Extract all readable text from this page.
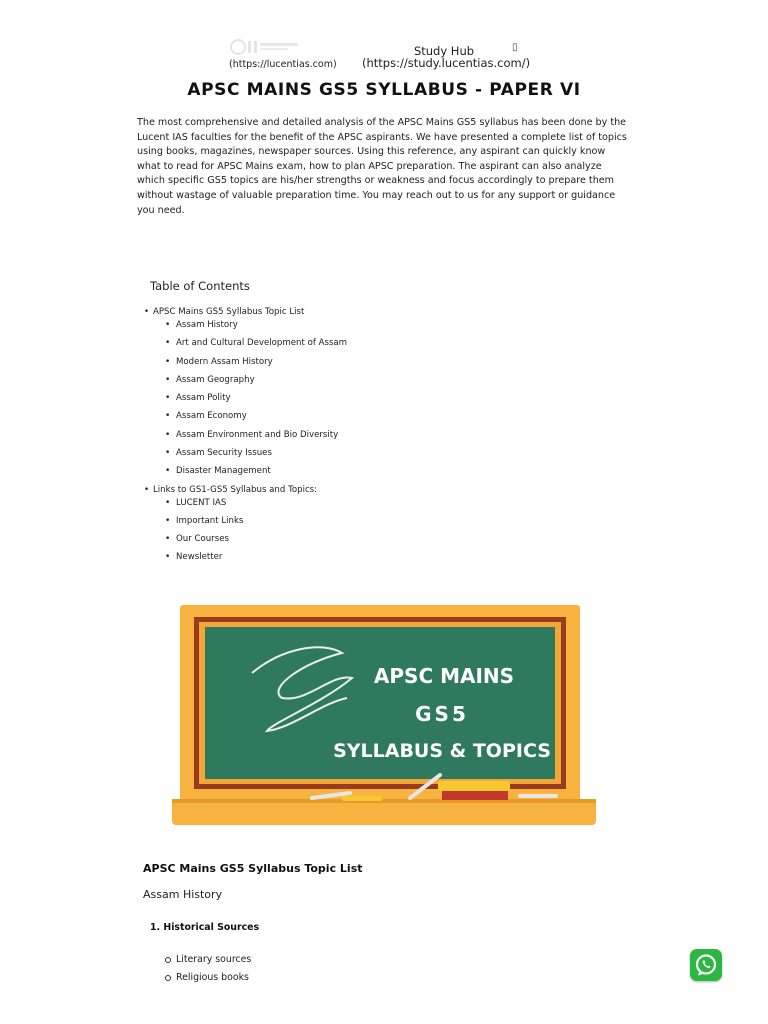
(https://lucentias.com)
Study Hub
(https://study.lucentias.com/)
▯
APSC MAINS GS5 SYLLABUS - PAPER VI
The most comprehensive and detailed analysis of the APSC Mains GS5 syllabus has been done by the Lucent IAS faculties for the benefit of the APSC aspirants. We have presented a complete list of topics using books, magazines, newspaper sources. Using this reference, any aspirant can quickly know what to read for APSC Mains exam, how to plan APSC preparation. The aspirant can also analyze which specific GS5 topics are his/her strengths or weakness and focus accordingly to prepare them without wastage of valuable preparation time. You may reach out to us for any support or guidance you need.
Table of Contents
• APSC Mains GS5 Syllabus Topic List
• Assam History
• Art and Cultural Development of Assam
• Modern Assam History
• Assam Geography
• Assam Polity
• Assam Economy
• Assam Environment and Bio Diversity
• Assam Security Issues
• Disaster Management
• Links to GS1-GS5 Syllabus and Topics:
• LUCENT IAS
• Important Links
• Our Courses
• Newsletter
APSC MAINS
GS5
SYLLABUS & TOPICS
APSC Mains GS5 Syllabus Topic List
Assam History
1. Historical Sources
Literary sources
Religious books
